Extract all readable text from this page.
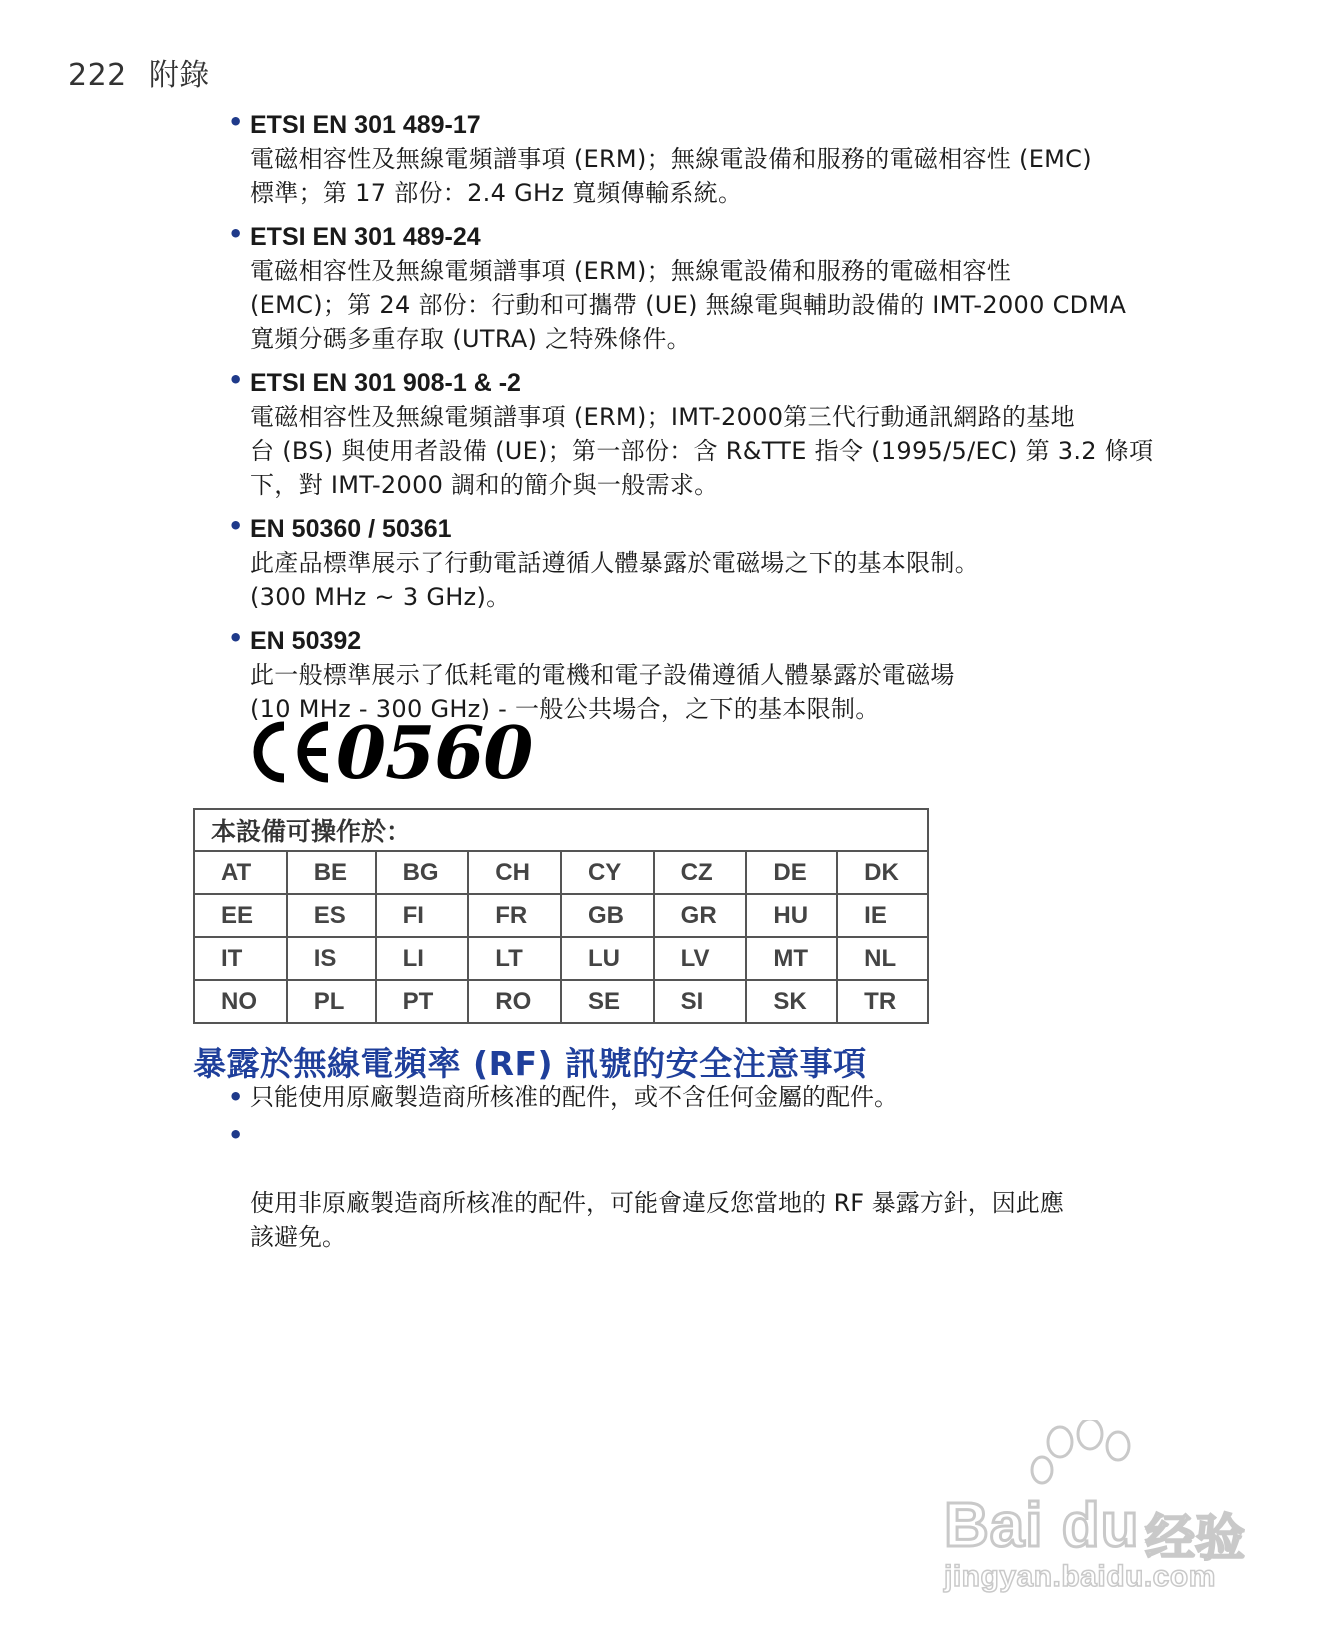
222 附錄
• ETSI EN 301 489-17
電磁相容性及無線電頻譜事項 (ERM)；無線電設備和服務的電磁相容性 (EMC)
標準；第 17 部份：2.4 GHz 寬頻傳輸系統。
• ETSI EN 301 489-24
電磁相容性及無線電頻譜事項 (ERM)；無線電設備和服務的電磁相容性
(EMC)；第 24 部份：行動和可攜帶 (UE) 無線電與輔助設備的 IMT-2000 CDMA
寬頻分碼多重存取 (UTRA) 之特殊條件。
• ETSI EN 301 908-1 & -2
電磁相容性及無線電頻譜事項 (ERM)；IMT-2000第三代行動通訊網路的基地
台 (BS) 與使用者設備 (UE)；第一部份：含 R&TTE 指令 (1995/5/EC) 第 3.2 條項
下，對 IMT-2000 調和的簡介與一般需求。
• EN 50360 / 50361
此產品標準展示了行動電話遵循人體暴露於電磁場之下的基本限制。
(300 MHz ~ 3 GHz)。
• EN 50392
此一般標準展示了低耗電的電機和電子設備遵循人體暴露於電磁場
(10 MHz - 300 GHz) - 一般公共場合，之下的基本限制。
0560
本設備可操作於：							
AT	BE	BG	CH	CY	CZ	DE	DK
EE	ES	FI	FR	GB	GR	HU	IE
IT	IS	LI	LT	LU	LV	MT	NL
NO	PL	PT	RO	SE	SI	SK	TR
暴露於無線電頻率 (RF) 訊號的安全注意事項
• 只能使用原廠製造商所核准的配件，或不含任何金屬的配件。

•

使用非原廠製造商所核准的配件，可能會違反您當地的 RF 暴露方針，因此應
該避免。

Bai du 经验
jingyan.baidu.com
